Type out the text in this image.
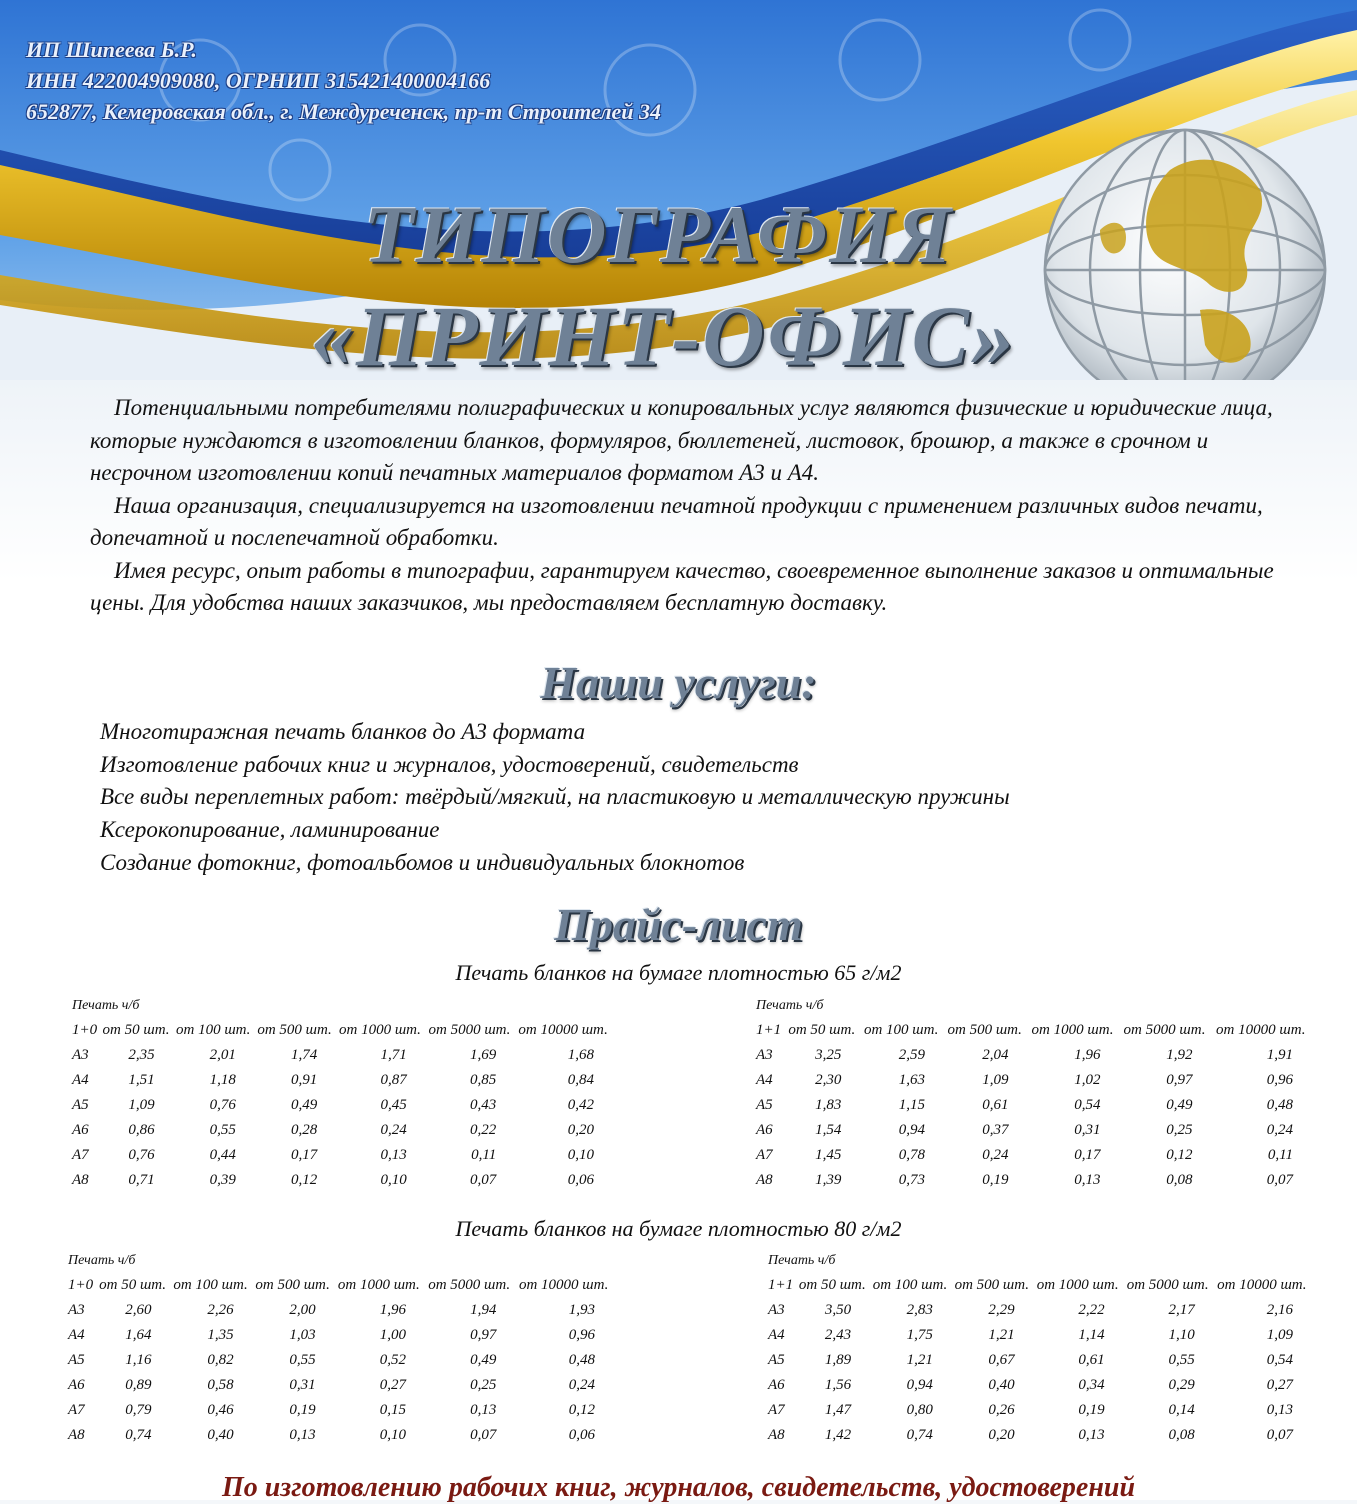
ИП Шипеева Б.Р.
ИНН 422004909080, ОГРНИП 315421400004166
652877, Кемеровская обл., г. Междуреченск, пр-т Строителей 34
ТИПОГРАФИЯ
«ПРИНТ-ОФИС»

Потенциальными потребителями полиграфических и копировальных услуг являются физические и юридические лица, которые нуждаются в изготовлении бланков, формуляров, бюллетеней, листовок, брошюр, а также в срочном и несрочном изготовлении копий печатных материалов форматом А3 и А4.

Наша организация, специализируется на изготовлении печатной продукции с применением различных видов печати, допечатной и послепечатной обработки.

Имея ресурс, опыт работы в типографии, гарантируем качество, своевременное выполнение заказов и оптимальные цены. Для удобства наших заказчиков, мы предоставляем бесплатную доставку.

Наши услуги:
Многотиражная печать бланков до А3 формата
Изготовление рабочих книг и журналов, удостоверений, свидетельств
Все виды переплетных работ: твёрдый/мягкий, на пластиковую и металлическую пружины
Ксерокопирование, ламинирование
Создание фотокниг, фотоальбомов и индивидуальных блокнотов
Прайс-лист
Печать бланков на бумаге плотностью 65 г/м2
Печать бланков на бумаге плотностью 80 г/м2
Печать ч/б						
1+0	от 50 шт.	от 100 шт.	от 500 шт.	от 1000 шт.	от 5000 шт.	от 10000 шт.
А3	2,35	2,01	1,74	1,71	1,69	1,68
А4	1,51	1,18	0,91	0,87	0,85	0,84
А5	1,09	0,76	0,49	0,45	0,43	0,42
А6	0,86	0,55	0,28	0,24	0,22	0,20
А7	0,76	0,44	0,17	0,13	0,11	0,10
А8	0,71	0,39	0,12	0,10	0,07	0,06
Печать ч/б						
1+1	от 50 шт.	от 100 шт.	от 500 шт.	от 1000 шт.	от 5000 шт.	от 10000 шт.
А3	3,25	2,59	2,04	1,96	1,92	1,91
А4	2,30	1,63	1,09	1,02	0,97	0,96
А5	1,83	1,15	0,61	0,54	0,49	0,48
А6	1,54	0,94	0,37	0,31	0,25	0,24
А7	1,45	0,78	0,24	0,17	0,12	0,11
А8	1,39	0,73	0,19	0,13	0,08	0,07
Печать ч/б						
1+0	от 50 шт.	от 100 шт.	от 500 шт.	от 1000 шт.	от 5000 шт.	от 10000 шт.
А3	2,60	2,26	2,00	1,96	1,94	1,93
А4	1,64	1,35	1,03	1,00	0,97	0,96
А5	1,16	0,82	0,55	0,52	0,49	0,48
А6	0,89	0,58	0,31	0,27	0,25	0,24
А7	0,79	0,46	0,19	0,15	0,13	0,12
А8	0,74	0,40	0,13	0,10	0,07	0,06
Печать ч/б						
1+1	от 50 шт.	от 100 шт.	от 500 шт.	от 1000 шт.	от 5000 шт.	от 10000 шт.
А3	3,50	2,83	2,29	2,22	2,17	2,16
А4	2,43	1,75	1,21	1,14	1,10	1,09
А5	1,89	1,21	0,67	0,61	0,55	0,54
А6	1,56	0,94	0,40	0,34	0,29	0,27
А7	1,47	0,80	0,26	0,19	0,14	0,13
А8	1,42	0,74	0,20	0,13	0,08	0,07
По изготовлению рабочих книг, журналов, свидетельств, удостоверений
